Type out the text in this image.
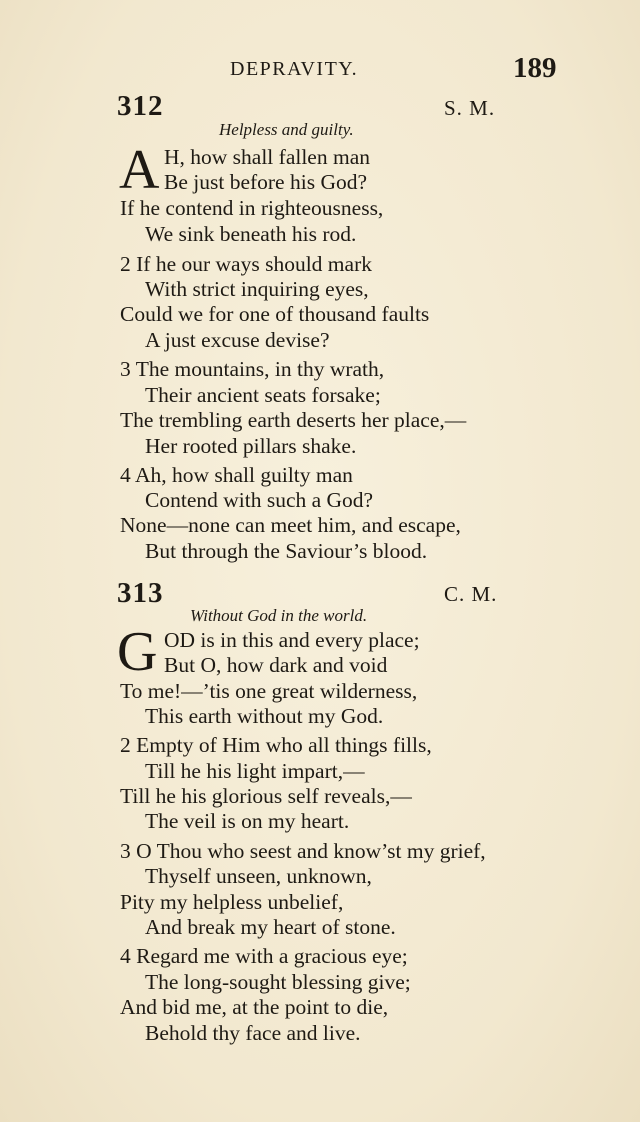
DEPRAVITY.	189
312	S. M.
Helpless and guilty.
A H, how shall fallen man
Be just before his God?
If he contend in righteousness,
We sink beneath his rod.
2 If he our ways should mark
With strict inquiring eyes,
Could we for one of thousand faults
A just excuse devise?
3 The mountains, in thy wrath,
Their ancient seats forsake;
The trembling earth deserts her place,—
Her rooted pillars shake.
4 Ah, how shall guilty man
Contend with such a God?
None—none can meet him, and escape,
But through the Saviour’s blood.
313	C. M.
Without God in the world.
G OD is in this and every place;
But O, how dark and void
To me!—’tis one great wilderness,
This earth without my God.
2 Empty of Him who all things fills,
Till he his light impart,—
Till he his glorious self reveals,—
The veil is on my heart.
3 O Thou who seest and know’st my grief,
Thyself unseen, unknown,
Pity my helpless unbelief,
And break my heart of stone.
4 Regard me with a gracious eye;
The long-sought blessing give;
And bid me, at the point to die,
Behold thy face and live.
